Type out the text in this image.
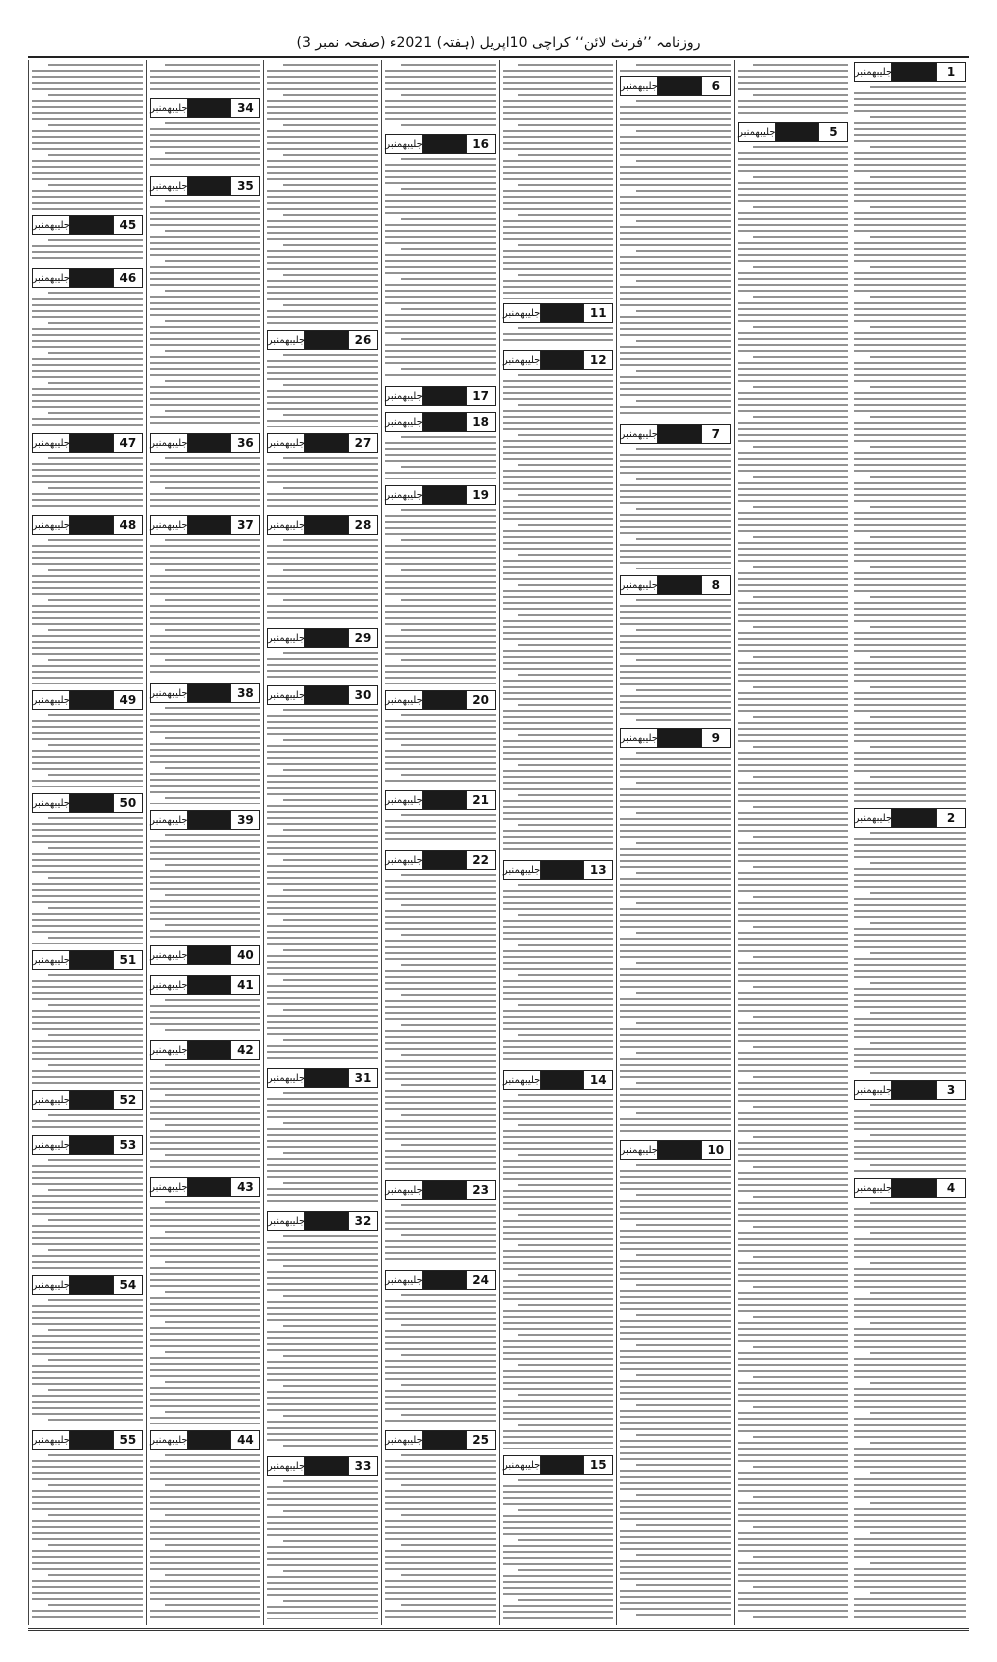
روزنامہ ’’فرنٹ لائن‘‘ کراچی 10اپریل (ہفتہ) 2021ء (صفحہ نمبر 3)
1
جلیبھمنبر
2
جلیبھمنبر
3
جلیبھمنبر
4
جلیبھمنبر
5
جلیبھمنبر
6
جلیبھمنبر
7
جلیبھمنبر
8
جلیبھمنبر
9
جلیبھمنبر
10
جلیبھمنبر
11
جلیبھمنبر
12
جلیبھمنبر
13
جلیبھمنبر
14
جلیبھمنبر
15
جلیبھمنبر
16
جلیبھمنبر
17
جلیبھمنبر
18
جلیبھمنبر
19
جلیبھمنبر
20
جلیبھمنبر
21
جلیبھمنبر
22
جلیبھمنبر
23
جلیبھمنبر
24
جلیبھمنبر
25
جلیبھمنبر
26
جلیبھمنبر
27
جلیبھمنبر
28
جلیبھمنبر
29
جلیبھمنبر
30
جلیبھمنبر
31
جلیبھمنبر
32
جلیبھمنبر
33
جلیبھمنبر
34
جلیبھمنبر
35
جلیبھمنبر
36
جلیبھمنبر
37
جلیبھمنبر
38
جلیبھمنبر
39
جلیبھمنبر
40
جلیبھمنبر
41
جلیبھمنبر
42
جلیبھمنبر
43
جلیبھمنبر
44
جلیبھمنبر
45
جلیبھمنبر
46
جلیبھمنبر
47
جلیبھمنبر
48
جلیبھمنبر
49
جلیبھمنبر
50
جلیبھمنبر
51
جلیبھمنبر
52
جلیبھمنبر
53
جلیبھمنبر
54
جلیبھمنبر
55
جلیبھمنبر
